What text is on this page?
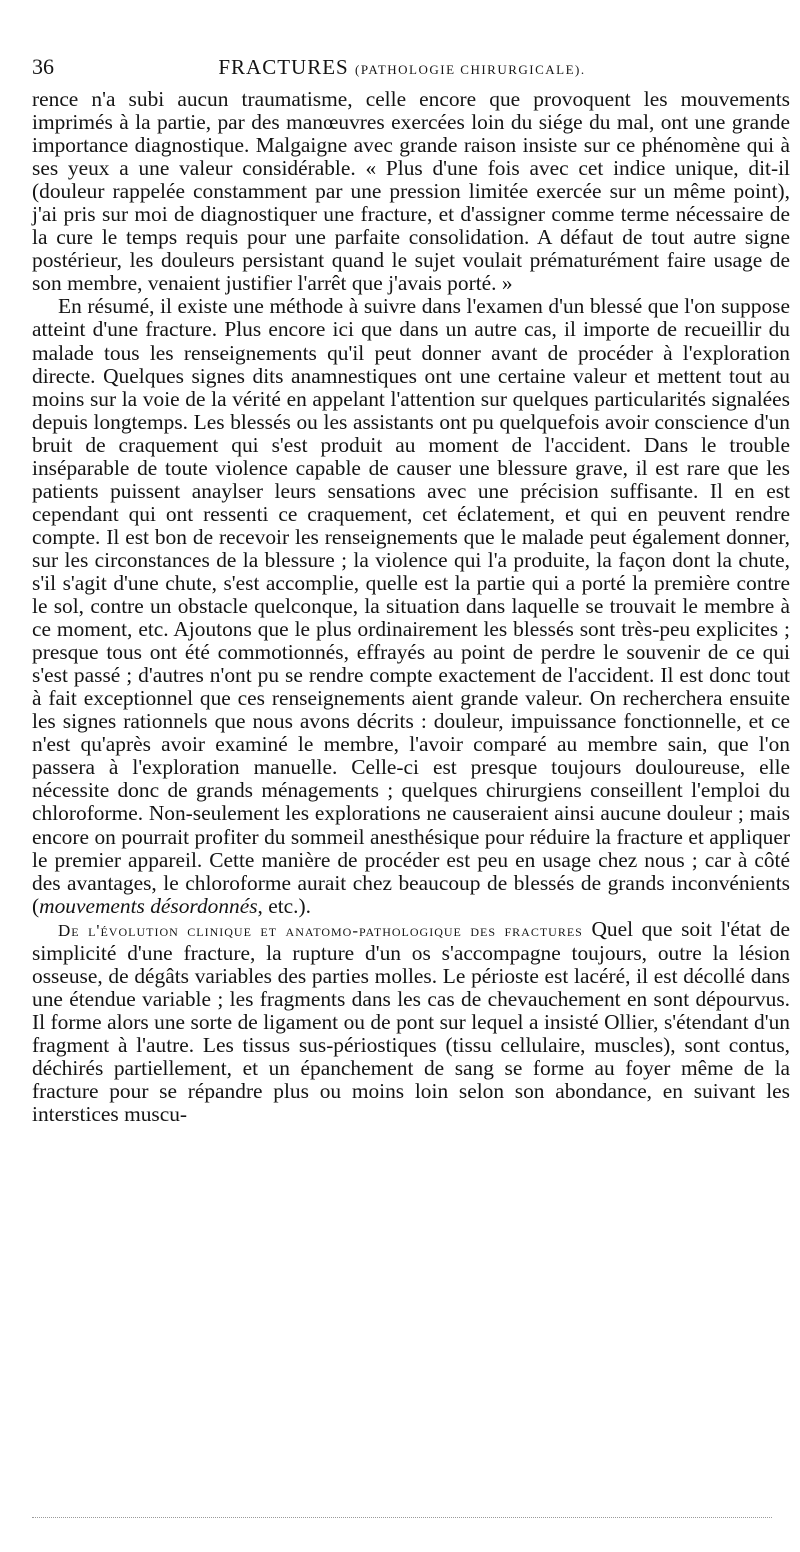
36	FRACTURES (PATHOLOGIE CHIRURGICALE).

rence n'a subi aucun traumatisme, celle encore que provoquent les mouvements imprimés à la partie, par des manœuvres exercées loin du siége du mal, ont une grande importance diagnostique. Malgaigne avec grande raison insiste sur ce phénomène qui à ses yeux a une valeur considérable. « Plus d'une fois avec cet indice unique, dit-il (douleur rappelée constamment par une pression limitée exercée sur un même point), j'ai pris sur moi de diagnostiquer une fracture, et d'assigner comme terme nécessaire de la cure le temps requis pour une parfaite consolidation. A défaut de tout autre signe postérieur, les douleurs persistant quand le sujet voulait prématurément faire usage de son membre, venaient justifier l'arrêt que j'avais porté. »

En résumé, il existe une méthode à suivre dans l'examen d'un blessé que l'on suppose atteint d'une fracture. Plus encore ici que dans un autre cas, il importe de recueillir du malade tous les renseignements qu'il peut donner avant de procéder à l'exploration directe. Quelques signes dits anamnestiques ont une certaine valeur et mettent tout au moins sur la voie de la vérité en appelant l'attention sur quelques particularités signalées depuis longtemps. Les blessés ou les assistants ont pu quelquefois avoir conscience d'un bruit de craquement qui s'est produit au moment de l'accident. Dans le trouble inséparable de toute violence capable de causer une blessure grave, il est rare que les patients puissent anaylser leurs sensations avec une précision suffisante. Il en est cependant qui ont ressenti ce craquement, cet éclatement, et qui en peuvent rendre compte. Il est bon de recevoir les renseignements que le malade peut également donner, sur les circonstances de la blessure ; la violence qui l'a produite, la façon dont la chute, s'il s'agit d'une chute, s'est accomplie, quelle est la partie qui a porté la première contre le sol, contre un obstacle quelconque, la situation dans laquelle se trouvait le membre à ce moment, etc. Ajoutons que le plus ordinairement les blessés sont très-peu explicites ; presque tous ont été commotionnés, effrayés au point de perdre le souvenir de ce qui s'est passé ; d'autres n'ont pu se rendre compte exactement de l'accident. Il est donc tout à fait exceptionnel que ces renseignements aient grande valeur. On recherchera ensuite les signes rationnels que nous avons décrits : douleur, impuissance fonctionnelle, et ce n'est qu'après avoir examiné le membre, l'avoir comparé au membre sain, que l'on passera à l'exploration manuelle. Celle-ci est presque toujours douloureuse, elle nécessite donc de grands ménagements ; quelques chirurgiens conseillent l'emploi du chloroforme. Non-seulement les explorations ne causeraient ainsi aucune douleur ; mais encore on pourrait profiter du sommeil anesthésique pour réduire la fracture et appliquer le premier appareil. Cette manière de procéder est peu en usage chez nous ; car à côté des avantages, le chloroforme aurait chez beaucoup de blessés de grands inconvénients (mouvements désordonnés, etc.).

De l'évolution clinique et anatomo-pathologique des fractures Quel que soit l'état de simplicité d'une fracture, la rupture d'un os s'accompagne toujours, outre la lésion osseuse, de dégâts variables des parties molles. Le périoste est lacéré, il est décollé dans une étendue variable ; les fragments dans les cas de chevauchement en sont dépourvus. Il forme alors une sorte de ligament ou de pont sur lequel a insisté Ollier, s'étendant d'un fragment à l'autre. Les tissus sus-périostiques (tissu cellulaire, muscles), sont contus, déchirés partiellement, et un épanchement de sang se forme au foyer même de la fracture pour se répandre plus ou moins loin selon son abondance, en suivant les interstices muscu-
